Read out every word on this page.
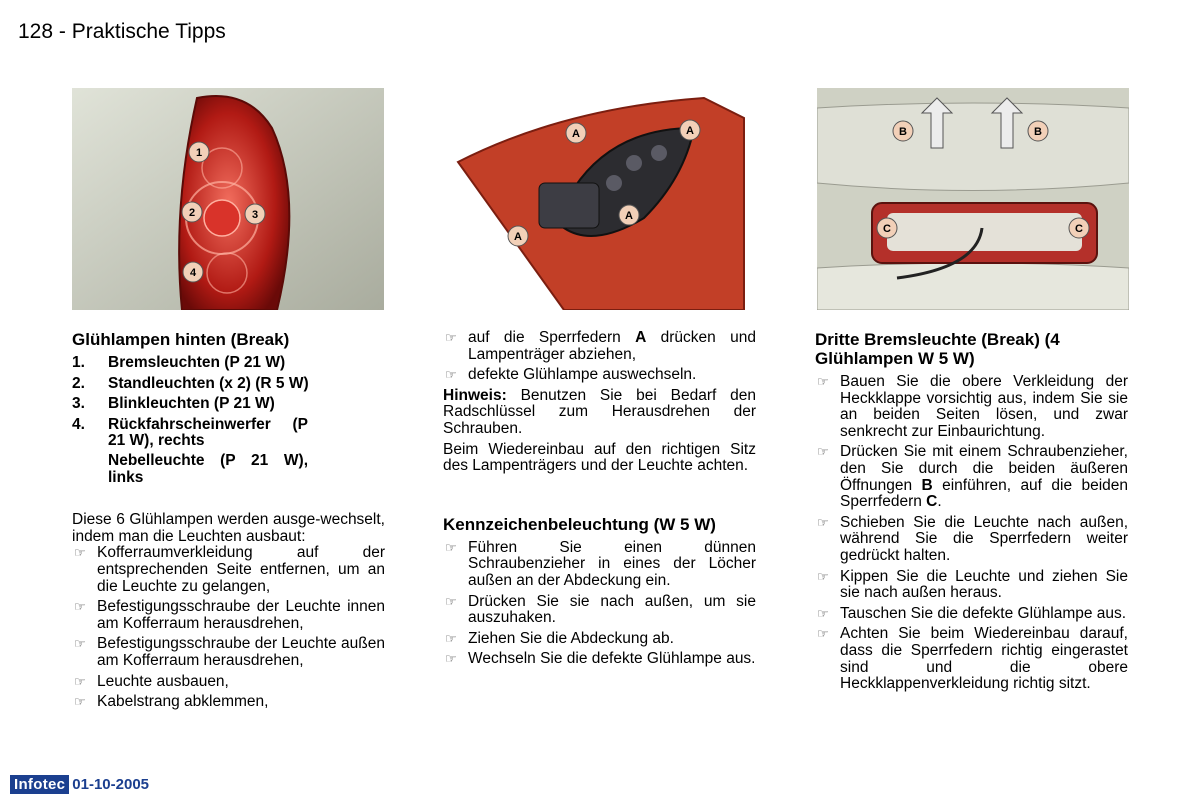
128 - Praktische Tipps
1
2	3
4
A	A
A
A
B	B
C	C
Glühlampen hinten (Break)
1.	Bremsleuchten (P 21 W)
2.	Standleuchten (x 2) (R 5 W)
3.	Blinkleuchten (P 21 W)
4.	Rückfahrscheinwerfer (P 21 W), rechts
Nebelleuchte (P 21 W), links

Diese 6 Glühlampen werden ausge-wechselt, indem man die Leuchten ausbaut:

☞ Kofferraumverkleidung auf der entsprechenden Seite entfernen, um an die Leuchte zu gelangen,
☞ Befestigungsschraube der Leuchte innen am Kofferraum herausdrehen,
☞ Befestigungsschraube der Leuchte außen am Kofferraum herausdrehen,
☞ Leuchte ausbauen,
☞ Kabelstrang abklemmen,
☞ auf die Sperrfedern A drücken und Lampenträger abziehen,
☞ defekte Glühlampe auswechseln.

Hinweis: Benutzen Sie bei Bedarf den Radschlüssel zum Herausdrehen der Schrauben.

Beim Wiedereinbau auf den richtigen Sitz des Lampenträgers und der Leuchte achten.

Kennzeichenbeleuchtung (W 5 W)
☞ Führen Sie einen dünnen Schraubenzieher in eines der Löcher außen an der Abdeckung ein.
☞ Drücken Sie sie nach außen, um sie auszuhaken.
☞ Ziehen Sie die Abdeckung ab.
☞ Wechseln Sie die defekte Glühlampe aus.
Dritte Bremsleuchte (Break) (4 Glühlampen W 5 W)
☞ Bauen Sie die obere Verkleidung der Heckklappe vorsichtig aus, indem Sie sie an beiden Seiten lösen, und zwar senkrecht zur Einbaurichtung.
☞ Drücken Sie mit einem Schraubenzieher, den Sie durch die beiden äußeren Öffnungen B einführen, auf die beiden Sperrfedern C.
☞ Schieben Sie die Leuchte nach außen, während Sie die Sperrfedern weiter gedrückt halten.
☞ Kippen Sie die Leuchte und ziehen Sie sie nach außen heraus.
☞ Tauschen Sie die defekte Glühlampe aus.
☞ Achten Sie beim Wiedereinbau darauf, dass die Sperrfedern richtig eingerastet sind und die obere Heckklappenverkleidung richtig sitzt.
Infotec 01-10-2005
